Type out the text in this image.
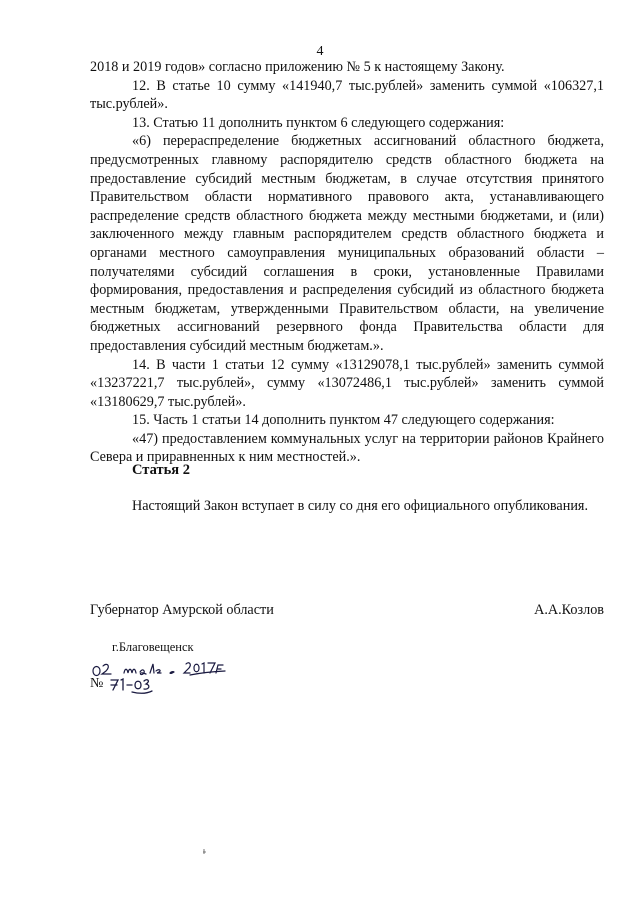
4

2018 и 2019 годов» согласно приложению № 5 к настоящему Закону.

12. В статье 10 сумму «141940,7 тыс.рублей» заменить суммой «106327,1 тыс.рублей».

13. Статью 11 дополнить пунктом 6 следующего содержания:

«6) перераспределение бюджетных ассигнований областного бюджета, предусмотренных главному распорядителю средств областного бюджета на предоставление субсидий местным бюджетам, в случае отсутствия принятого Правительством области нормативного правового акта, устанавливающего распределение средств областного бюджета между местными бюджетами, и (или) заключенного между главным распорядителем средств областного бюджета и органами местного самоуправления муниципальных образований области – получателями субсидий соглашения в сроки, установленные Правилами формирования, предоставления и распределения субсидий из областного бюджета местным бюджетам, утвержденными Правительством области, на увеличение бюджетных ассигнований резервного фонда Правительства области для предоставления субсидий местным бюджетам.».

14. В части 1 статьи 12 сумму «13129078,1 тыс.рублей» заменить суммой «13237221,7 тыс.рублей», сумму «13072486,1 тыс.рублей» заменить суммой «13180629,7 тыс.рублей».

15. Часть 1 статьи 14 дополнить пунктом 47 следующего содержания:

«47) предоставлением коммунальных услуг на территории районов Крайнего Севера и приравненных к ним местностей.».

Статья 2

Настоящий Закон вступает в силу со дня его официального опубликования.

Губернатор Амурской области	А.А.Козлов
г.Благовещенск
№
